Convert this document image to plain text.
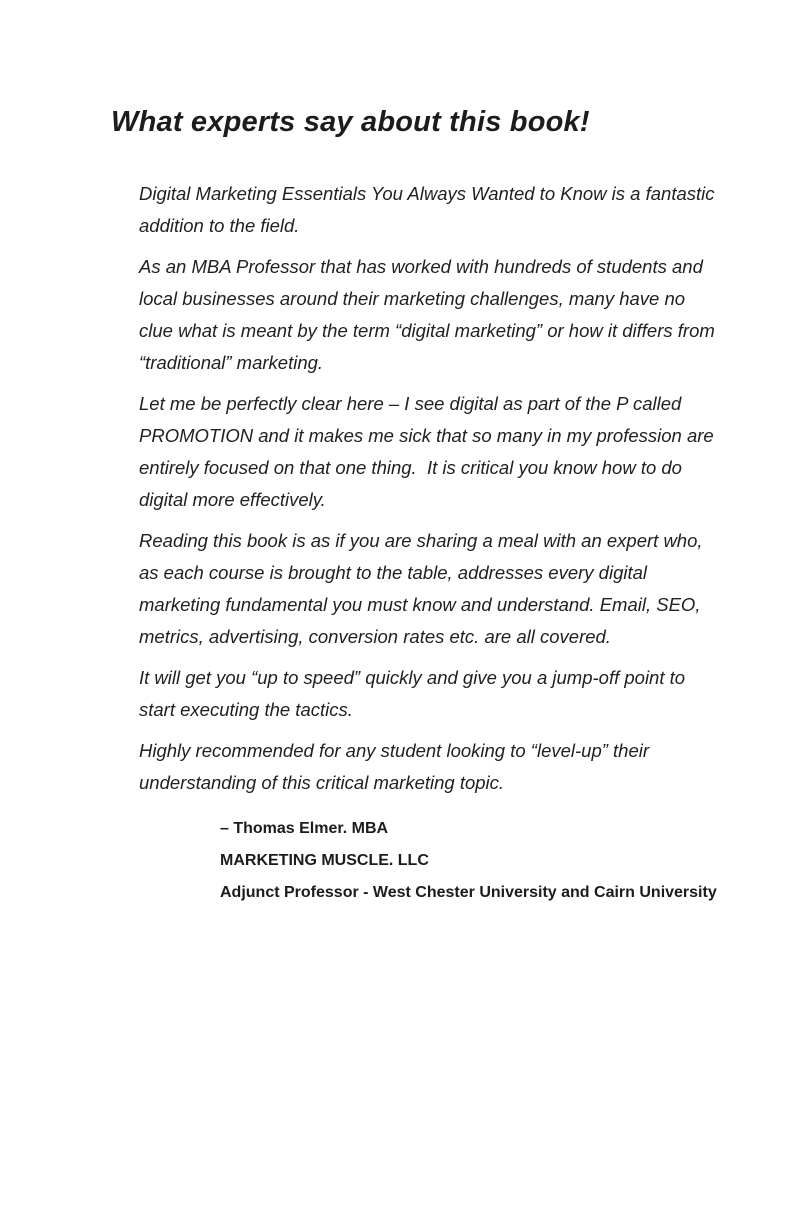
What experts say about this book!

Digital Marketing Essentials You Always Wanted to Know is a fantastic addition to the field.

As an MBA Professor that has worked with hundreds of students and local businesses around their marketing challenges, many have no clue what is meant by the term “digital marketing” or how it differs from “traditional” marketing.

Let me be perfectly clear here – I see digital as part of the P called PROMOTION and it makes me sick that so many in my profession are entirely focused on that one thing.  It is critical you know how to do digital more effectively.

Reading this book is as if you are sharing a meal with an expert who, as each course is brought to the table, addresses every digital marketing fundamental you must know and understand. Email, SEO, metrics, advertising, conversion rates etc. are all covered.

It will get you “up to speed” quickly and give you a jump-off point to start executing the tactics.

Highly recommended for any student looking to “level-up” their understanding of this critical marketing topic.

– Thomas Elmer. MBA

MARKETING MUSCLE. LLC

Adjunct Professor - West Chester University and Cairn University
